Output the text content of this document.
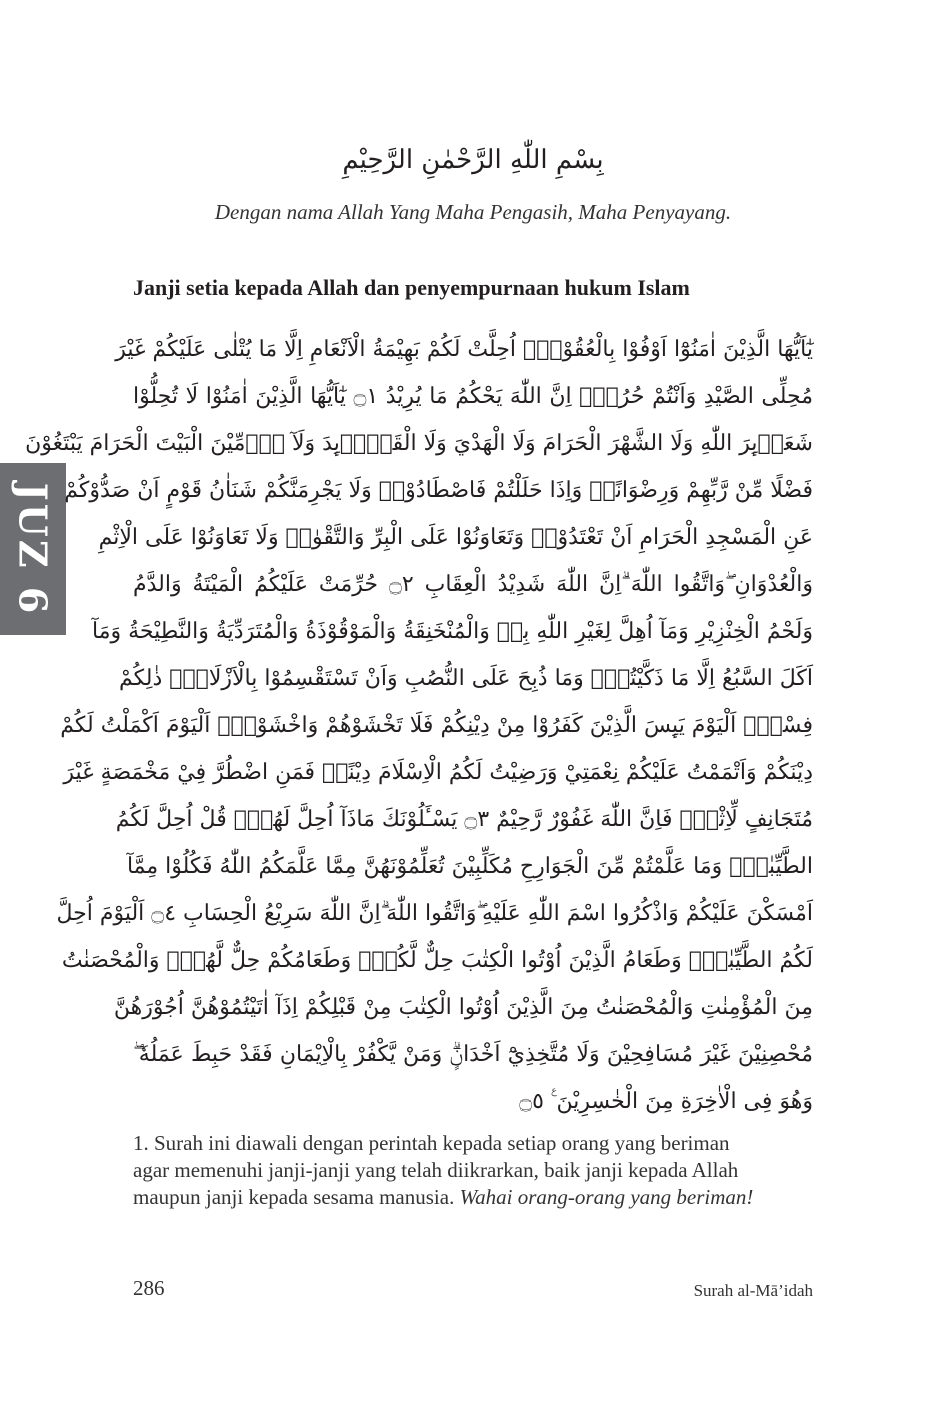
JUZ 6
بِسْمِ اللّٰهِ الرَّحْمٰنِ الرَّحِيْمِ
Dengan nama Allah Yang Maha Pengasih, Maha Penyayang.
Janji setia kepada Allah dan penyempurnaan hukum Islam
يٰٓاَيُّهَا الَّذِيْنَ اٰمَنُوْٓا اَوْفُوْا بِالْعُقُوْدِۗ اُحِلَّتْ لَكُمْ بَهِيْمَةُ الْاَنْعَامِ اِلَّا مَا يُتْلٰى عَلَيْكُمْ غَيْرَ
مُحِلِّى الصَّيْدِ وَاَنْتُمْ حُرُمٌۗ اِنَّ اللّٰهَ يَحْكُمُ مَا يُرِيْدُ ۝١ يٰٓاَيُّهَا الَّذِيْنَ اٰمَنُوْا لَا تُحِلُّوْا
شَعَاۤىِٕرَ اللّٰهِ وَلَا الشَّهْرَ الْحَرَامَ وَلَا الْهَدْيَ وَلَا الْقَلَاۤىِٕدَ وَلَآ اٰۤمِّيْنَ الْبَيْتَ الْحَرَامَ يَبْتَغُوْنَ
فَضْلًا مِّنْ رَّبِّهِمْ وَرِضْوَانًاۗ وَاِذَا حَلَلْتُمْ فَاصْطَادُوْاۗ وَلَا يَجْرِمَنَّكُمْ شَنَاٰنُ قَوْمٍ اَنْ صَدُّوْكُمْ
عَنِ الْمَسْجِدِ الْحَرَامِ اَنْ تَعْتَدُوْاۘ وَتَعَاوَنُوْا عَلَى الْبِرِّ وَالتَّقْوٰىۖ وَلَا تَعَاوَنُوْا عَلَى الْاِثْمِ
وَالْعُدْوَانِ ۖوَاتَّقُوا اللّٰهَ ۗاِنَّ اللّٰهَ شَدِيْدُ الْعِقَابِ ۝٢ حُرِّمَتْ عَلَيْكُمُ الْمَيْتَةُ وَالدَّمُ
وَلَحْمُ الْخِنْزِيْرِ وَمَآ اُهِلَّ لِغَيْرِ اللّٰهِ بِهٖ وَالْمُنْخَنِقَةُ وَالْمَوْقُوْذَةُ وَالْمُتَرَدِّيَةُ وَالنَّطِيْحَةُ وَمَآ
اَكَلَ السَّبُعُ اِلَّا مَا ذَكَّيْتُمْۗ وَمَا ذُبِحَ عَلَى النُّصُبِ وَاَنْ تَسْتَقْسِمُوْا بِالْاَزْلَامِۗ ذٰلِكُمْ
فِسْقٌۗ اَلْيَوْمَ يَىِٕسَ الَّذِيْنَ كَفَرُوْا مِنْ دِيْنِكُمْ فَلَا تَخْشَوْهُمْ وَاخْشَوْنِۗ اَلْيَوْمَ اَكْمَلْتُ لَكُمْ
دِيْنَكُمْ وَاَتْمَمْتُ عَلَيْكُمْ نِعْمَتِيْ وَرَضِيْتُ لَكُمُ الْاِسْلَامَ دِيْنًاۗ فَمَنِ اضْطُرَّ فِيْ مَخْمَصَةٍ غَيْرَ
مُتَجَانِفٍ لِّاِثْمٍۙ فَاِنَّ اللّٰهَ غَفُوْرٌ رَّحِيْمٌ ۝٣ يَسْـَٔلُوْنَكَ مَاذَآ اُحِلَّ لَهُمْۗ قُلْ اُحِلَّ لَكُمُ
الطَّيِّبٰتُۙ وَمَا عَلَّمْتُمْ مِّنَ الْجَوَارِحِ مُكَلِّبِيْنَ تُعَلِّمُوْنَهُنَّ مِمَّا عَلَّمَكُمُ اللّٰهُ فَكُلُوْا مِمَّآ
اَمْسَكْنَ عَلَيْكُمْ وَاذْكُرُوا اسْمَ اللّٰهِ عَلَيْهِ ۖوَاتَّقُوا اللّٰهَ ۗاِنَّ اللّٰهَ سَرِيْعُ الْحِسَابِ ۝٤ اَلْيَوْمَ اُحِلَّ
لَكُمُ الطَّيِّبٰتُۗ وَطَعَامُ الَّذِيْنَ اُوْتُوا الْكِتٰبَ حِلٌّ لَّكُمْۖ وَطَعَامُكُمْ حِلٌّ لَّهُمْۖ وَالْمُحْصَنٰتُ
مِنَ الْمُؤْمِنٰتِ وَالْمُحْصَنٰتُ مِنَ الَّذِيْنَ اُوْتُوا الْكِتٰبَ مِنْ قَبْلِكُمْ اِذَآ اٰتَيْتُمُوْهُنَّ اُجُوْرَهُنَّ
مُحْصِنِيْنَ غَيْرَ مُسَافِحِيْنَ وَلَا مُتَّخِذِيْٓ اَخْدَانٍۗ وَمَنْ يَّكْفُرْ بِالْاِيْمَانِ فَقَدْ حَبِطَ عَمَلُهٗ ۖ
وَهُوَ فِى الْاٰخِرَةِ مِنَ الْخٰسِرِيْنَ ࣖ ۝٥
1. Surah ini diawali dengan perintah kepada setiap orang yang beriman
agar memenuhi janji-janji yang telah diikrarkan, baik janji kepada Allah
maupun janji kepada sesama manusia. Wahai orang-orang yang beriman!
286	Surah al-Mā’idah
